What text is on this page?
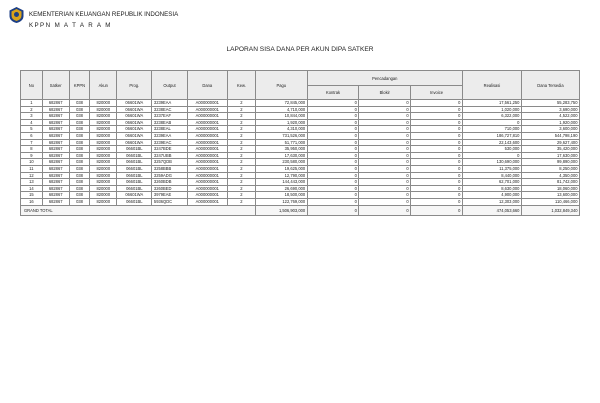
KEMENTERIAN KEUANGAN REPUBLIK INDONESIA
KPPN M A T A R A M
LAPORAN SISA DANA PER AKUN DIPA SATKER
No	Satker	KPPN	Akun	Prog.	Output	Dana	Kew.	Pagu	Pencadangan			Realisasi	Dana Tersedia
									Kontrak	Blokir	Invoice		
1	682867	038	820000	06601WA	3239EAA	A000000001	2	72,845,000	0	0	0	17,561,250	55,283,750
2	682867	038	820000	06601WA	3238EAC	A000000001	2	4,710,000	0	0	0	1,020,000	3,690,000
3	682867	038	820000	06601WA	3237EAF	A000000001	2	10,844,000	0	0	0	6,322,000	4,522,000
4	682867	038	820000	06601WA	3238EAB	A000000001	2	1,920,000	0	0	0	0	1,920,000
5	682867	038	820000	06601WA	3238EAL	A000000001	2	4,310,000	0	0	0	710,000	3,600,000
6	682867	038	820000	06601WA	3239EAA	A000000001	2	731,526,000	0	0	0	186,727,810	544,798,190
7	682867	038	820000	06601WA	3239EAC	A000000001	2	51,771,000	0	0	0	22,143,600	29,627,400
8	682867	038	820000	06601BL	3247BDE	A000000001	2	35,950,000	0	0	0	530,000	35,420,000
9	682867	038	820000	06601BL	3247UBB	A000000001	2	17,630,000	0	0	0	0	17,630,000
10	682867	038	820000	06601BL	3257QDB	A000000001	2	230,580,000	0	0	0	130,690,000	99,890,000
11	682867	038	820000	06601BL	3258BBB	A000000001	2	19,625,000	0	0	0	11,375,000	8,250,000
12	682867	038	820000	06601BL	3259ADG	A000000001	2	12,790,000	0	0	0	8,440,000	4,350,000
13	682867	038	820000	06601BL	3260BDB	A000000001	2	144,443,000	0	0	0	62,701,000	81,742,000
14	682867	038	820000	06601BL	3260BED	A000000001	2	26,690,000	0	0	0	8,630,000	18,060,000
15	682867	038	820000	06601WA	3979EAE	A000000001	2	18,500,000	0	0	0	4,900,000	13,600,000
16	682867	038	820000	06601BL	5936QDC	A000000001	2	122,769,000	0	0	0	12,303,000	110,466,000
GRAND TOTAL								1,506,903,000	0	0	0	474,053,660	1,032,849,340
